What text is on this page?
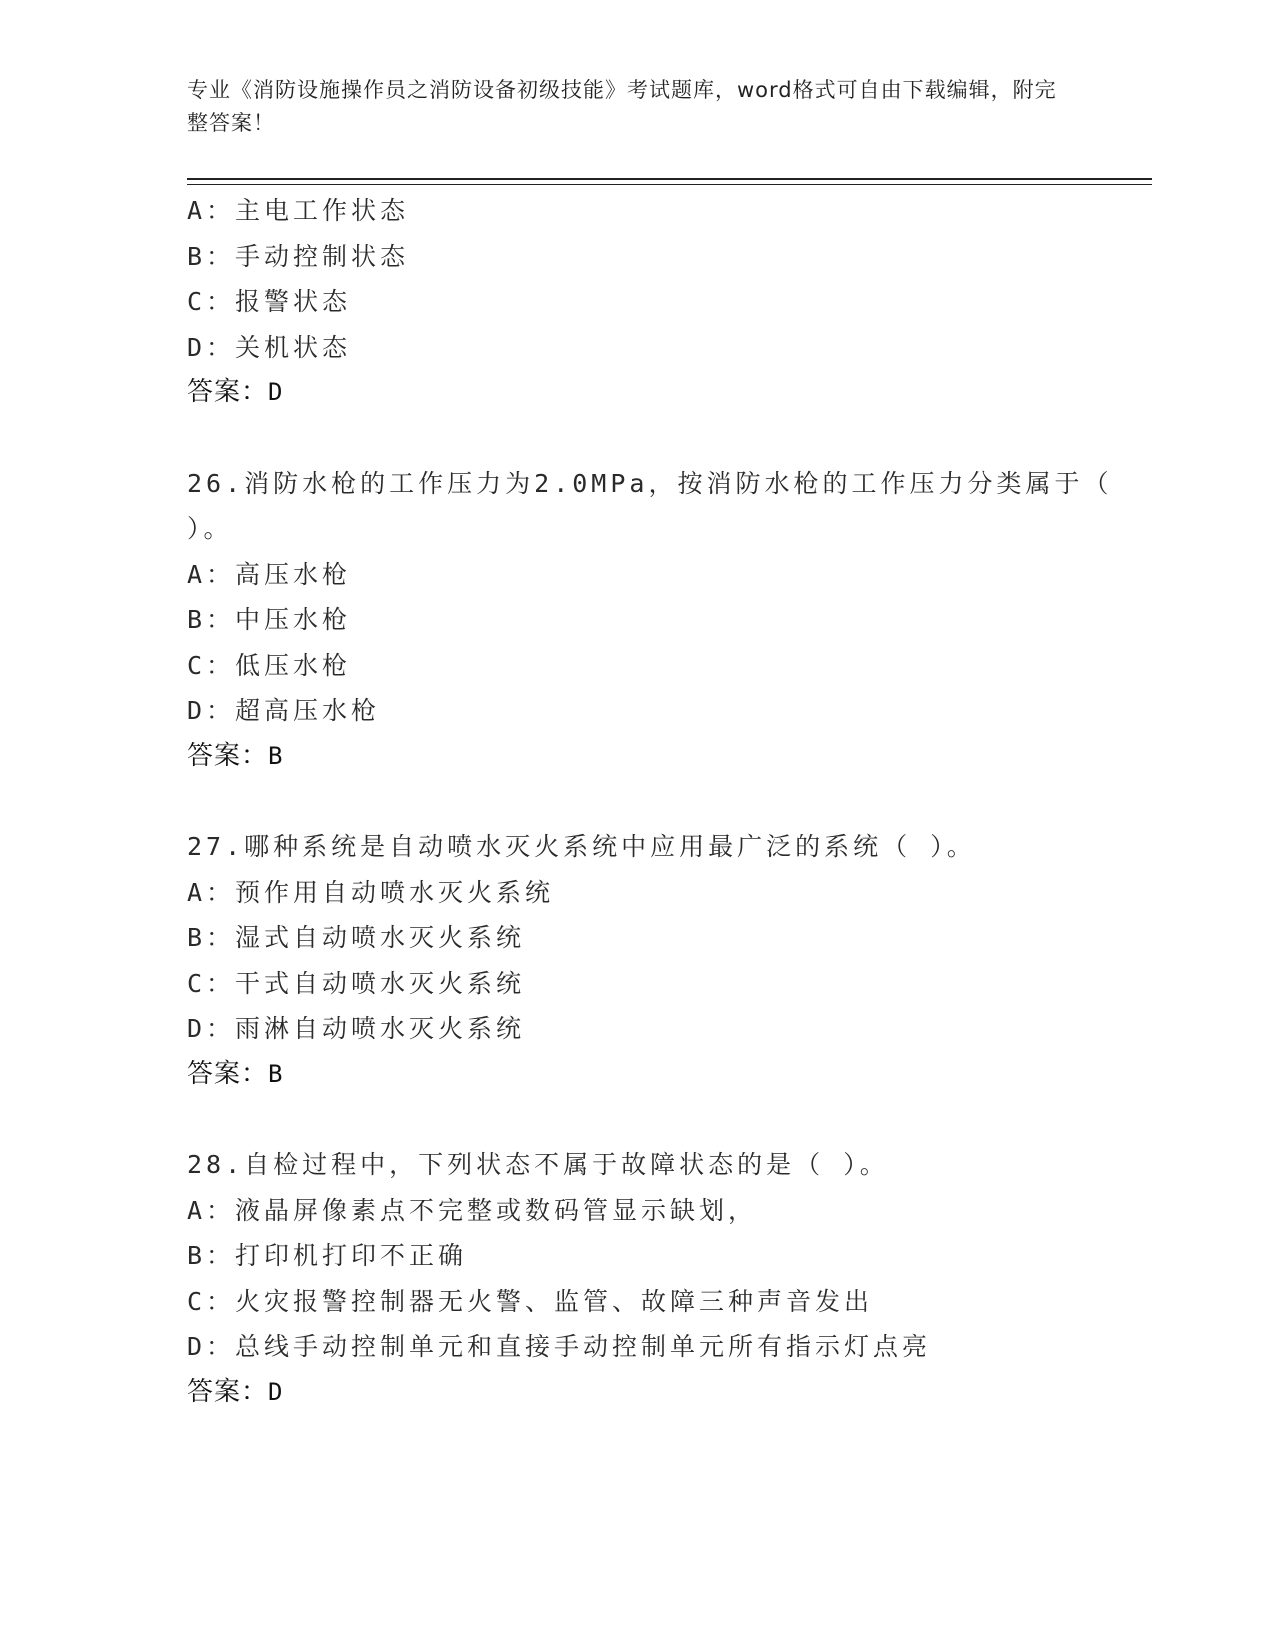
专业《消防设施操作员之消防设备初级技能》考试题库，word格式可自由下载编辑，附完整答案！
A：主电工作状态
B：手动控制状态
C：报警状态
D：关机状态
答案：D
26.消防水枪的工作压力为2.0MPa，按消防水枪的工作压力分类属于（ ）。
A：高压水枪
B：中压水枪
C：低压水枪
D：超高压水枪
答案：B
27.哪种系统是自动喷水灭火系统中应用最广泛的系统（ ）。
A：预作用自动喷水灭火系统
B：湿式自动喷水灭火系统
C：干式自动喷水灭火系统
D：雨淋自动喷水灭火系统
答案：B
28.自检过程中，下列状态不属于故障状态的是（ ）。
A：液晶屏像素点不完整或数码管显示缺划，
B：打印机打印不正确
C：火灾报警控制器无火警、监管、故障三种声音发出
D：总线手动控制单元和直接手动控制单元所有指示灯点亮
答案：D
